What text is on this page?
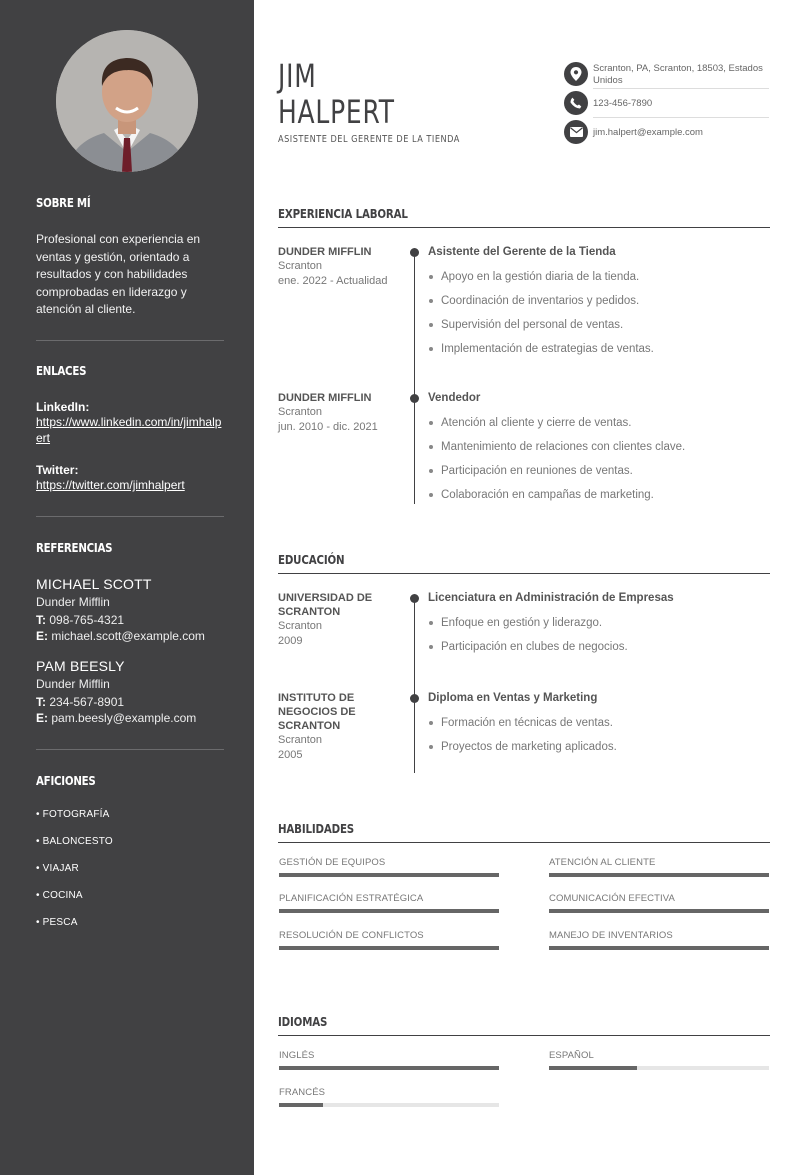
SOBRE MÍ
Profesional con experiencia en ventas y gestión, orientado a resultados y con habilidades comprobadas en liderazgo y atención al cliente.
ENLACES
LinkedIn:
https://www.linkedin.com/in/jimhalpert
Twitter:
https://twitter.com/jimhalpert
REFERENCIAS
MICHAEL SCOTT
Dunder Mifflin
T: 098-765-4321
E: michael.scott@example.com
PAM BEESLY
Dunder Mifflin
T: 234-567-8901
E: pam.beesly@example.com
AFICIONES
• FOTOGRAFÍA
• BALONCESTO
• VIAJAR
• COCINA
• PESCA
JIM
HALPERT
ASISTENTE DEL GERENTE DE LA TIENDA
Scranton, PA, Scranton, 18503, Estados Unidos
123-456-7890
jim.halpert@example.com
EXPERIENCIA LABORAL
DUNDER MIFFLIN
Scranton
ene. 2022 - Actualidad
Asistente del Gerente de la Tienda
Apoyo en la gestión diaria de la tienda.
Coordinación de inventarios y pedidos.
Supervisión del personal de ventas.
Implementación de estrategias de ventas.
DUNDER MIFFLIN
Scranton
jun. 2010 - dic. 2021
Vendedor
Atención al cliente y cierre de ventas.
Mantenimiento de relaciones con clientes clave.
Participación en reuniones de ventas.
Colaboración en campañas de marketing.
EDUCACIÓN
UNIVERSIDAD DE SCRANTON
Scranton
2009
Licenciatura en Administración de Empresas
Enfoque en gestión y liderazgo.
Participación en clubes de negocios.
INSTITUTO DE NEGOCIOS DE SCRANTON
Scranton
2005
Diploma en Ventas y Marketing
Formación en técnicas de ventas.
Proyectos de marketing aplicados.
HABILIDADES
GESTIÓN DE EQUIPOS	ATENCIÓN AL CLIENTE
PLANIFICACIÓN ESTRATÉGICA	COMUNICACIÓN EFECTIVA
RESOLUCIÓN DE CONFLICTOS	MANEJO DE INVENTARIOS
IDIOMAS
INGLÉS	ESPAÑOL
FRANCÉS
